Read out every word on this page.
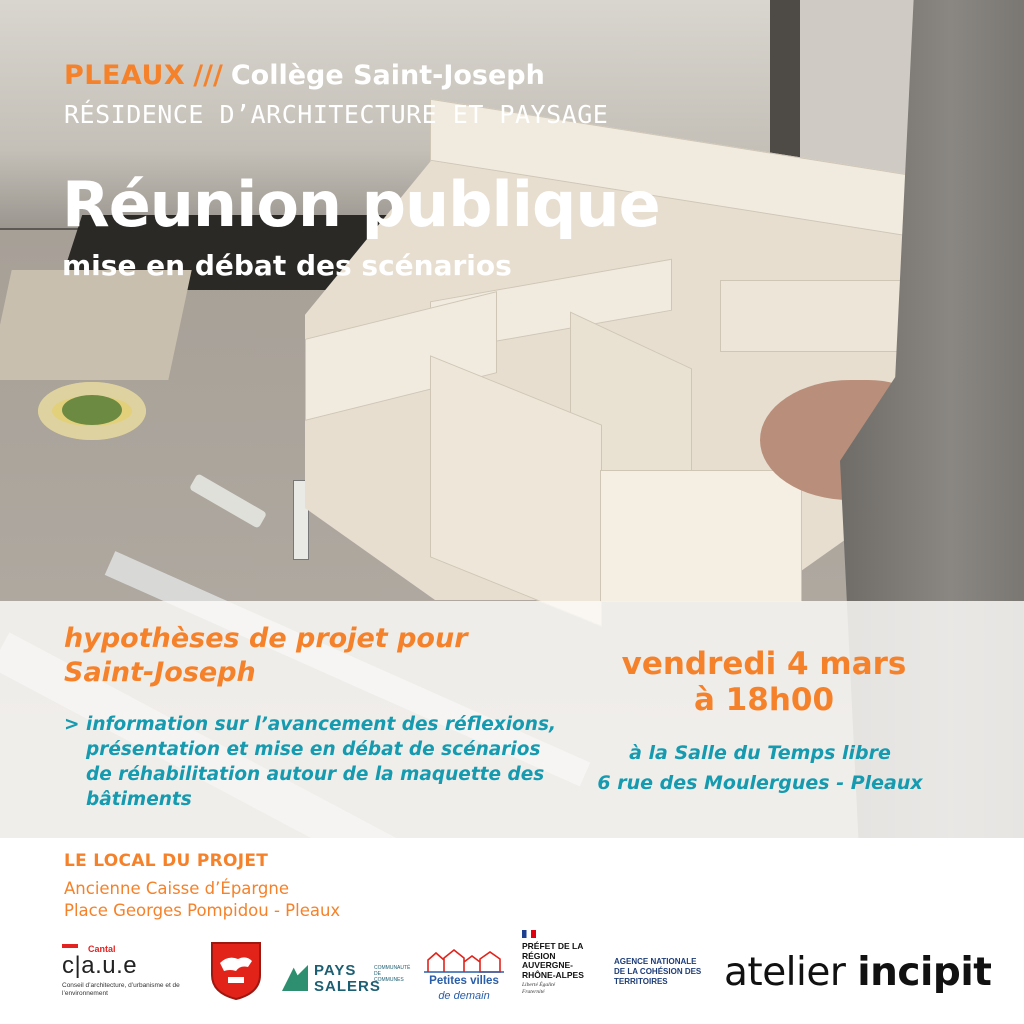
PLEAUX /// Collège Saint-Joseph
RÉSIDENCE D’ARCHITECTURE ET PAYSAGE
Réunion publique
mise en débat des scénarios
hypothèses de projet pour
Saint-Joseph
> information sur l’avancement des réflexions, présentation et mise en débat de scénarios de réhabilitation autour de la maquette des bâtiments
vendredi 4 mars
à 18h00
à la Salle du Temps libre
6 rue des Moulergues - Pleaux
LE LOCAL DU PROJET
Ancienne Caisse d’Épargne
Place Georges Pompidou - Pleaux
Cantal
c|a.u.e
Conseil d’architecture, d’urbanisme et de l’environnement
PAYS
SALERS
COMMUNAUTÉ DE COMMUNES	Petites villes
de demain
PRÉFET DE LA RÉGION AUVERGNE-RHÔNE-ALPES
Liberté Égalité Fraternité
AGENCE NATIONALE DE LA COHÉSION DES TERRITOIRES	atelier incipit
